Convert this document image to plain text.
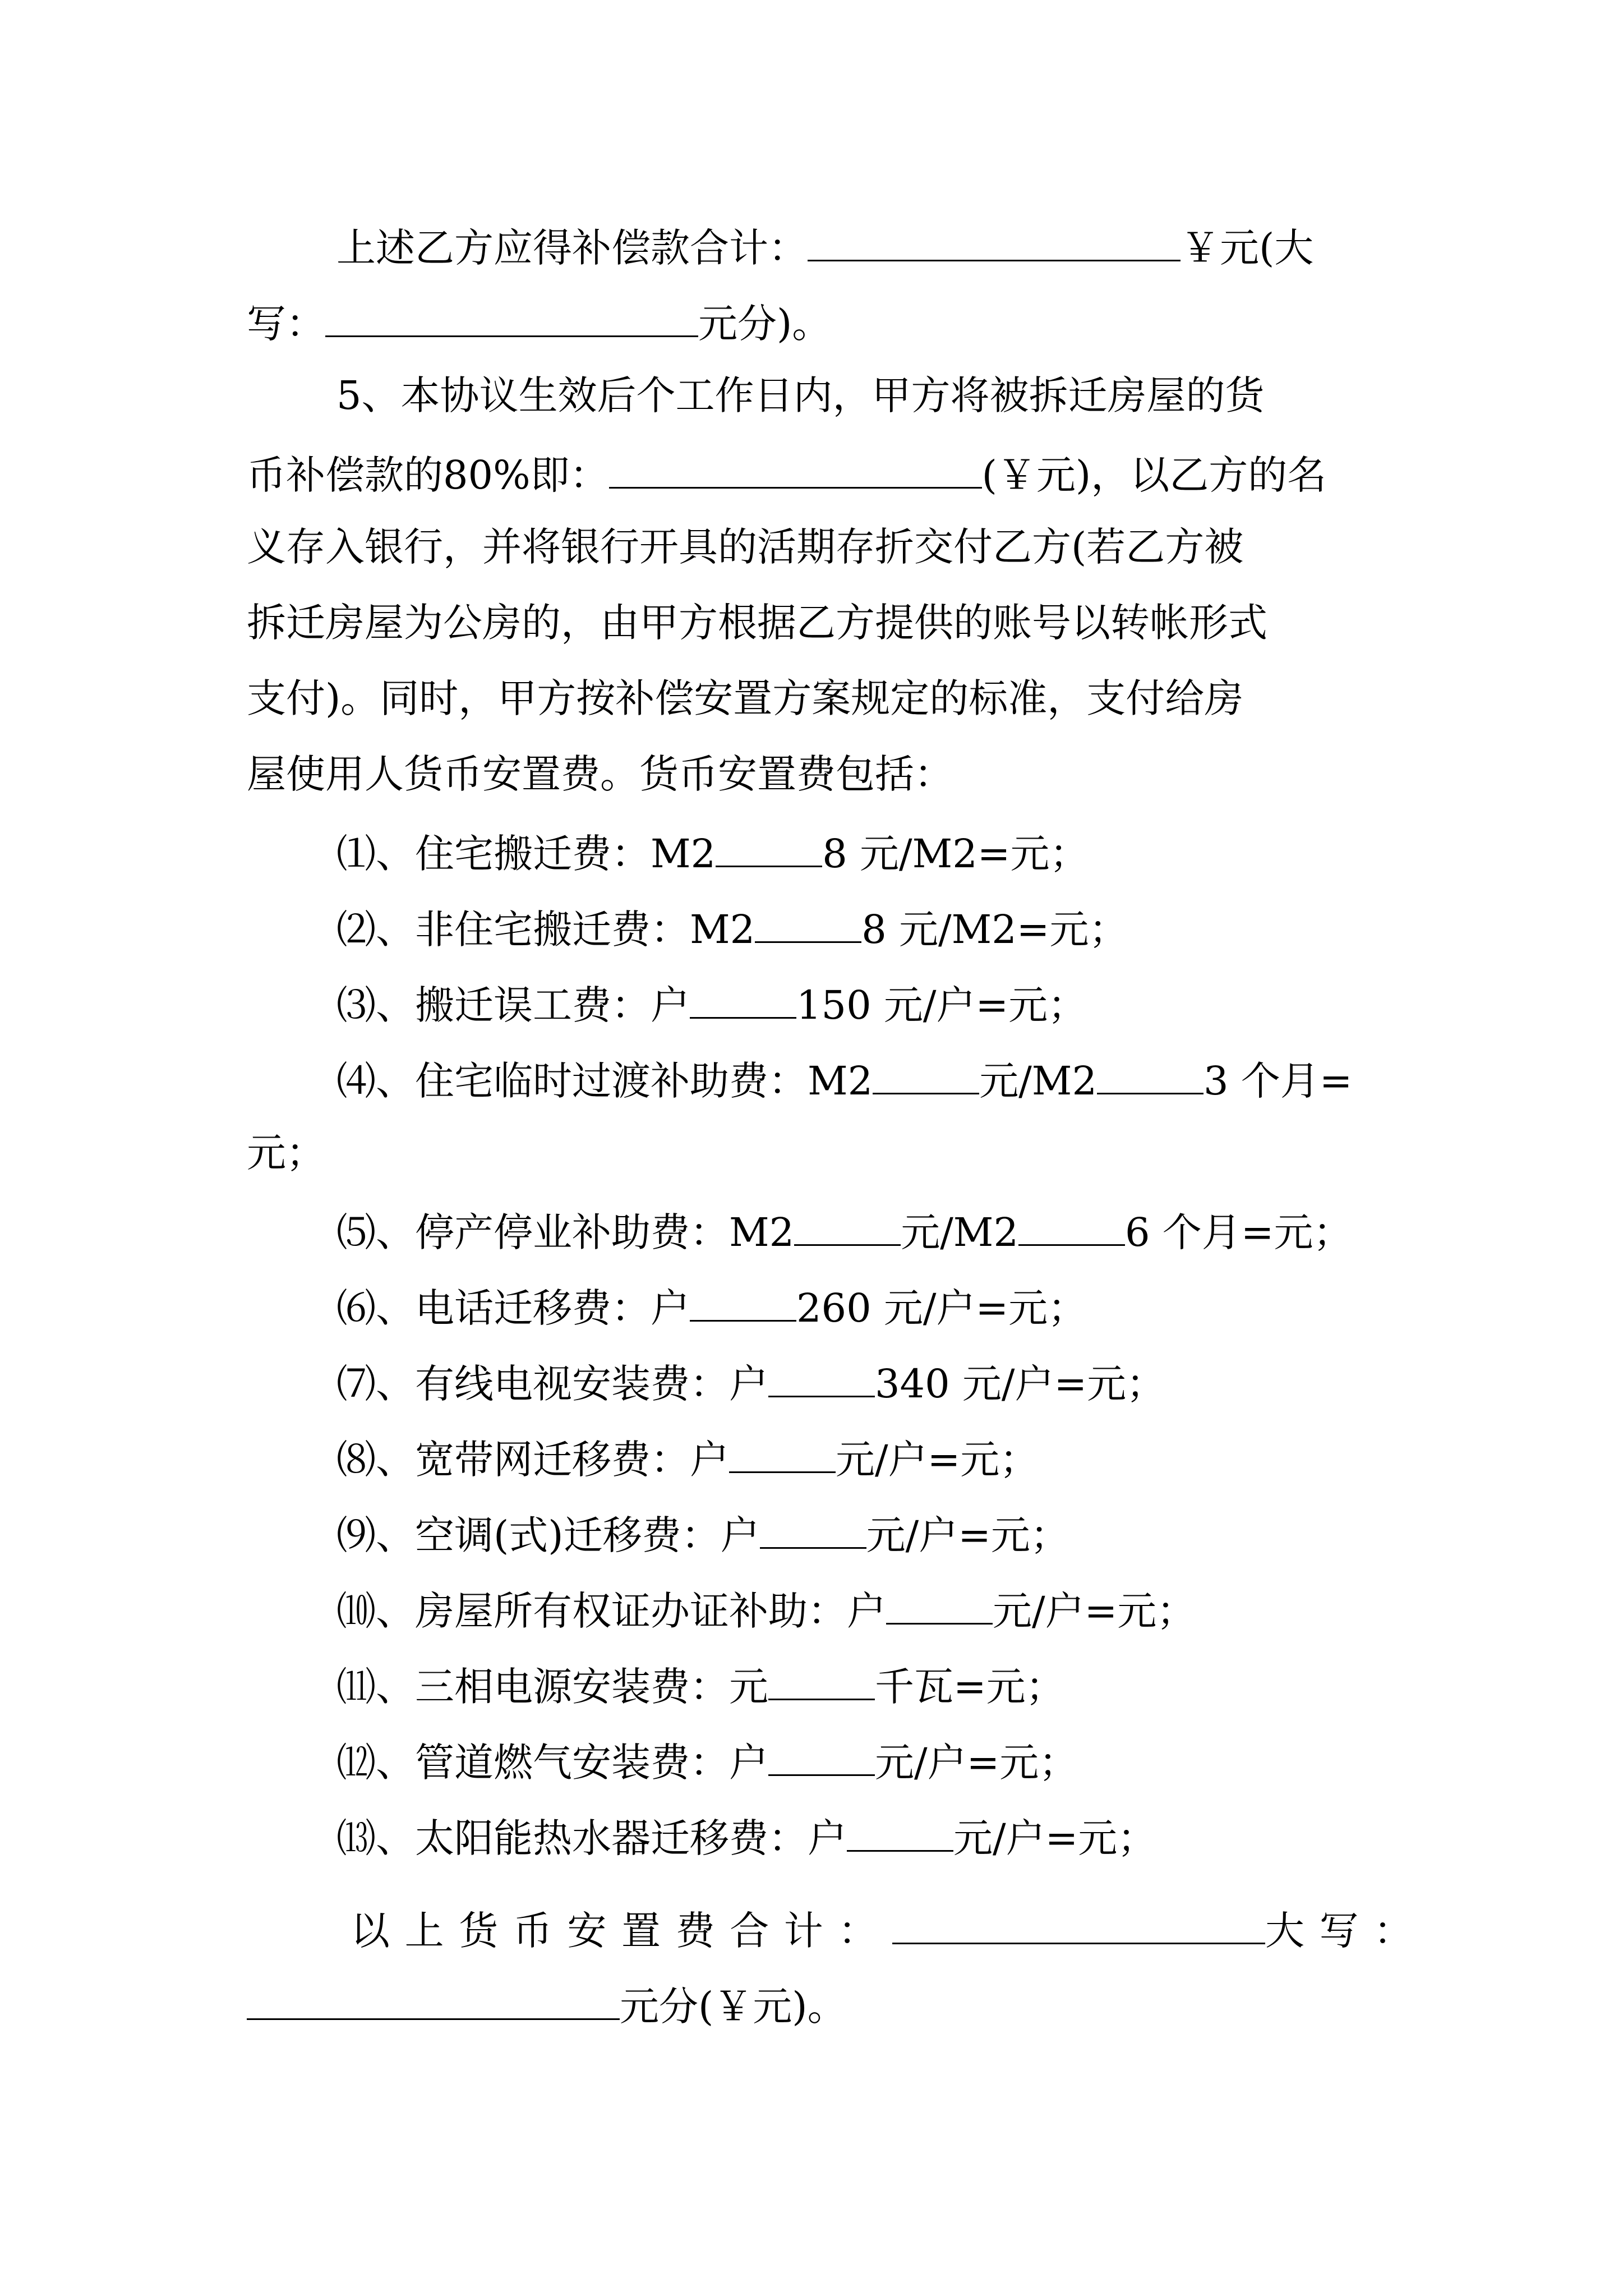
上述乙方应得补偿款合计：	￥元(大
写：	元分)。
5、本协议生效后个工作日内，甲方将被拆迁房屋的货
币补偿款的80%即：	(￥元)，以乙方的名
义存入银行，并将银行开具的活期存折交付乙方(若乙方被
拆迁房屋为公房的，由甲方根据乙方提供的账号以转帐形式
支付)。同时，甲方按补偿安置方案规定的标准，支付给房
屋使用人货币安置费。货币安置费包括：
⑴、住宅搬迁费：M2	8 元/M2=元；
⑵、非住宅搬迁费：M2	8 元/M2=元；
⑶、搬迁误工费：户	150 元/户=元；
⑷、住宅临时过渡补助费：M2	元/M2	3 个月=
元；
⑸、停产停业补助费：M2	元/M2	6 个月=元；
⑹、电话迁移费：户	260 元/户=元；
⑺、有线电视安装费：户	340 元/户=元；
⑻、宽带网迁移费：户	元/户=元；
⑼、空调(式)迁移费：户	元/户=元；
⑽、房屋所有权证办证补助：户	元/户=元；
⑾、三相电源安装费：元	千瓦=元；
⑿、管道燃气安装费：户	元/户=元；
⒀、太阳能热水器迁移费：户	元/户=元；
以上货币安置费合计：	大写：
元分(￥元)。
